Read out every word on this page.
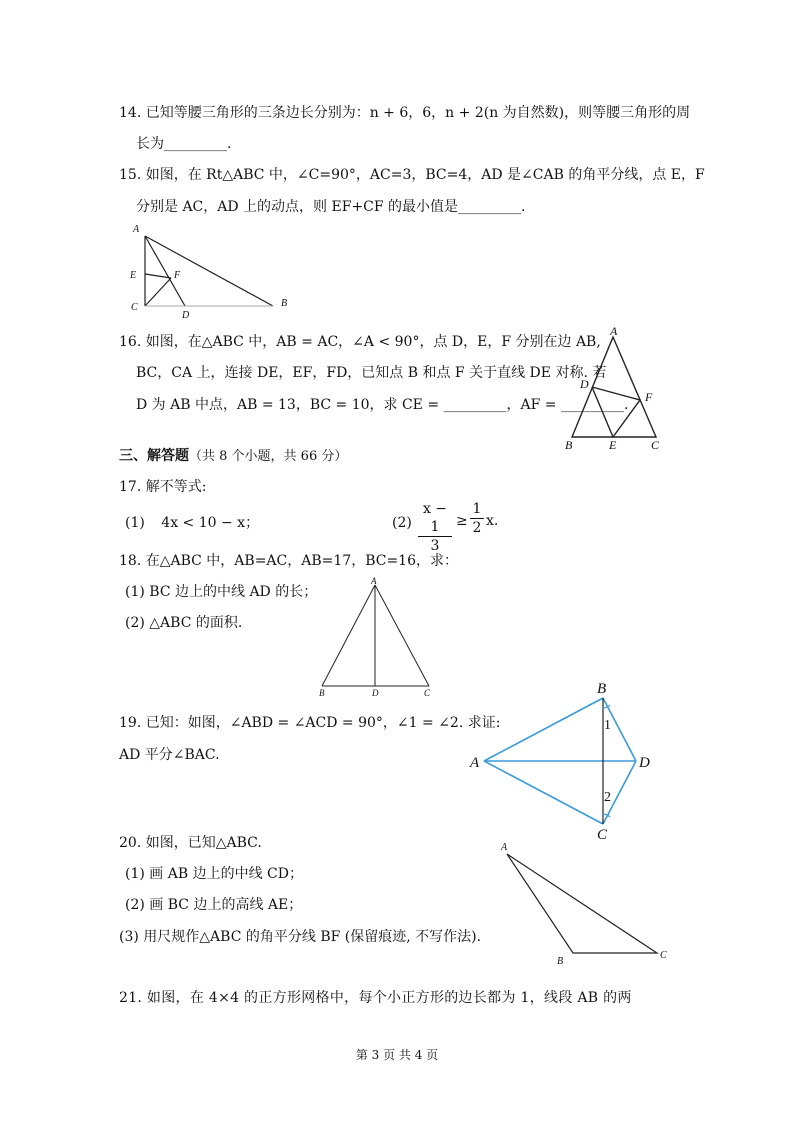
14. 已知等腰三角形的三条边长分别为：n + 6，6，n + 2(n 为自然数)，则等腰三角形的周
长为_________.
15. 如图，在 Rt△ABC 中，∠C=90°，AC=3，BC=4，AD 是∠CAB 的角平分线，点 E，F
分别是 AC，AD 上的动点，则 EF+CF 的最小值是_________.
A
E	F
C
D
B
16. 如图，在△ABC 中，AB = AC，∠A < 90°，点 D，E，F 分别在边 AB,
BC，CA 上，连接 DE，EF，FD，已知点 B 和点 F 关于直线 DE 对称. 若
D 为 AB 中点，AB = 13，BC = 10，求 CE = _________，AF = _________.
A
D
F
B	E	C
三、解答题（共 8 个小题，共 66 分）
17. 解不等式:
(1) 4x < 10 − x；	$(2) \frac{x - 1}{3} \ge \frac{1}{2} x$.
18. 在△ABC 中，AB=AC，AB=17，BC=16，求：
(1) BC 边上的中线 AD 的长；
(2) △ABC 的面积.
A
B	D	C
19. 已知：如图，∠ABD = ∠ACD = 90°，∠1 = ∠2. 求证:
AD 平分∠BAC.
B
A	D
C
1
2
20. 如图，已知△ABC.
(1) 画 AB 边上的中线 CD；
(2) 画 BC 边上的高线 AE；
(3) 用尺规作△ABC 的角平分线 BF (保留痕迹, 不写作法).
A
B
C
21. 如图，在 4×4 的正方形网格中，每个小正方形的边长都为 1，线段 AB 的两
第 3 页 共 4 页
